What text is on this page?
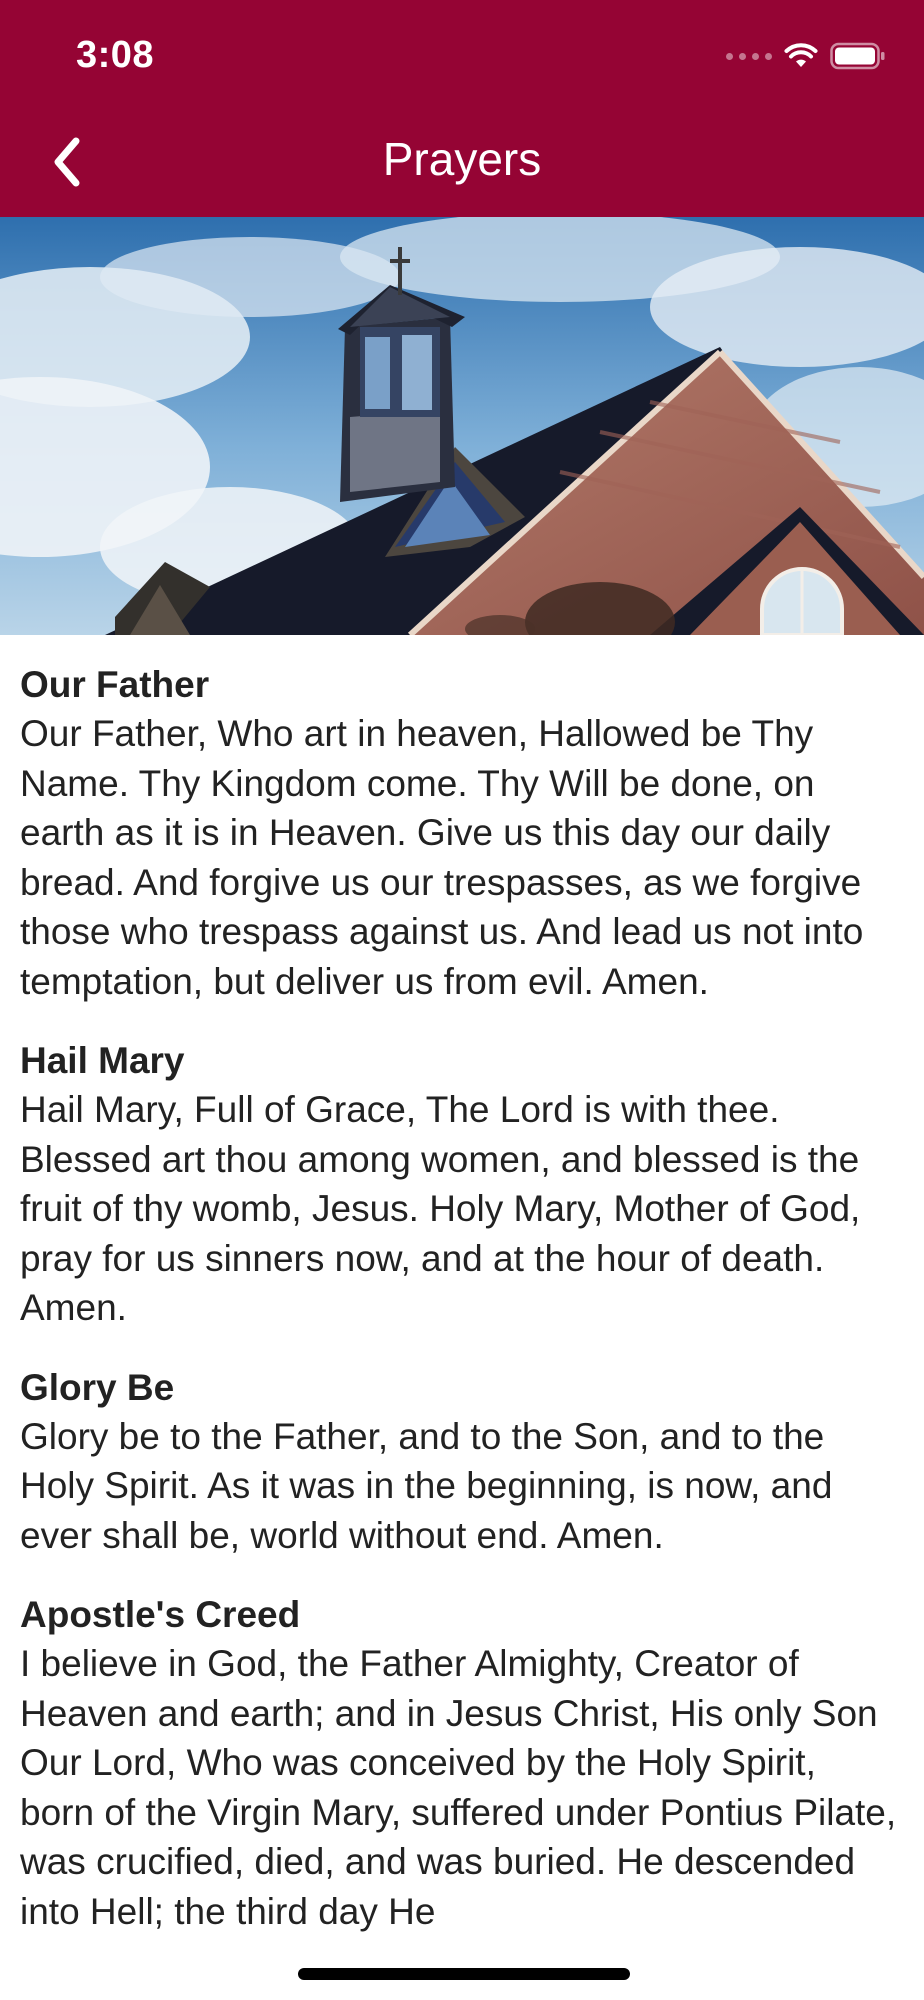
3:08
Prayers
Our Father
Our Father, Who art in heaven, Hallowed be Thy Name. Thy Kingdom come. Thy Will be done, on earth as it is in Heaven. Give us this day our daily bread. And forgive us our trespasses, as we forgive those who trespass against us. And lead us not into temptation, but deliver us from evil. Amen.
Hail Mary
Hail Mary, Full of Grace, The Lord is with thee. Blessed art thou among women, and blessed is the fruit of thy womb, Jesus. Holy Mary, Mother of God, pray for us sinners now, and at the hour of death. Amen.
Glory Be
Glory be to the Father, and to the Son, and to the Holy Spirit. As it was in the beginning, is now, and ever shall be, world without end. Amen.
Apostle's Creed
I believe in God, the Father Almighty, Creator of Heaven and earth; and in Jesus Christ, His only Son Our Lord, Who was conceived by the Holy Spirit, born of the Virgin Mary, suffered under Pontius Pilate, was crucified, died, and was buried. He descended into Hell; the third day He
